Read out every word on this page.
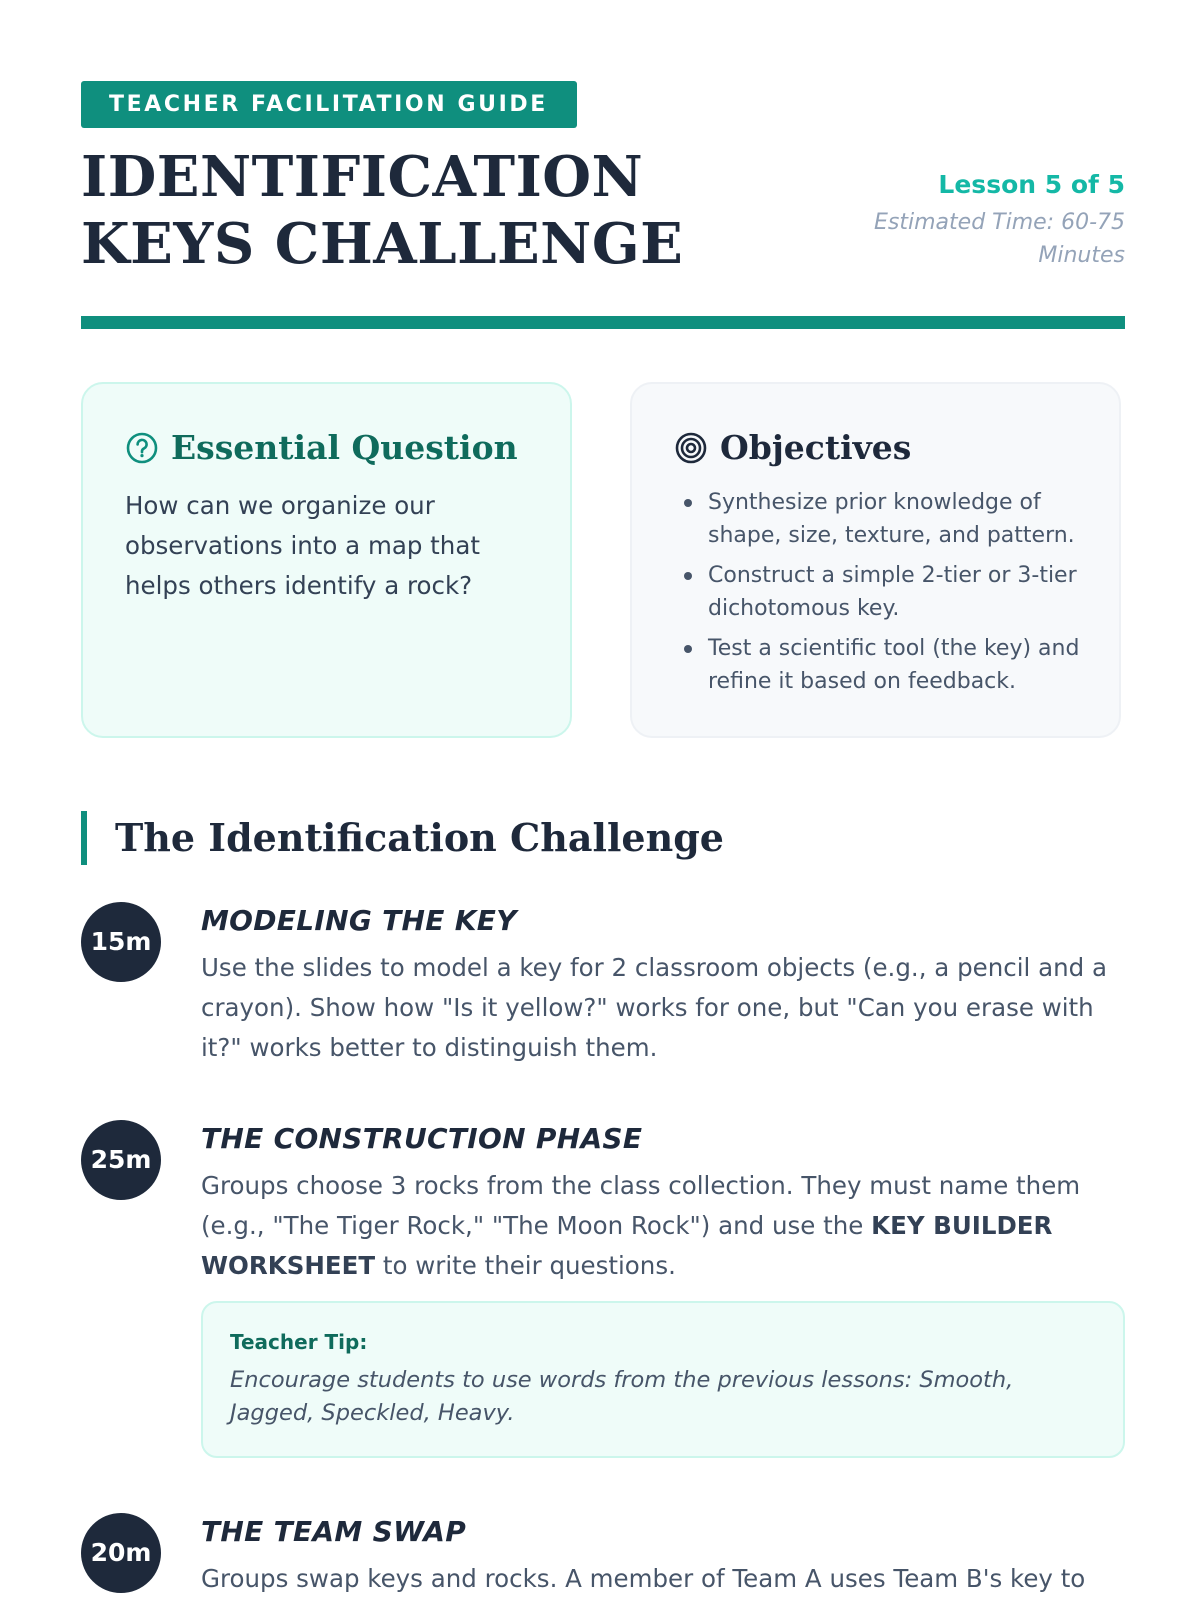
TEACHER FACILITATION GUIDE
IDENTIFICATION KEYS CHALLENGE
Lesson 5 of 5
Estimated Time: 60-75 Minutes
Essential Question
How can we organize our observations into a map that helps others identify a rock?
Objectives
Synthesize prior knowledge of shape, size, texture, and pattern.
Construct a simple 2-tier or 3-tier dichotomous key.
Test a scientific tool (the key) and refine it based on feedback.
The Identification Challenge
15m
MODELING THE KEY

Use the slides to model a key for 2 classroom objects (e.g., a pencil and a crayon). Show how "Is it yellow?" works for one, but "Can you erase with it?" works better to distinguish them.

25m
THE CONSTRUCTION PHASE

Groups choose 3 rocks from the class collection. They must name them (e.g., "The Tiger Rock," "The Moon Rock") and use the KEY BUILDER WORKSHEET to write their questions.

Teacher Tip:
Encourage students to use words from the previous lessons: Smooth, Jagged, Speckled, Heavy.
20m
THE TEAM SWAP

Groups swap keys and rocks. A member of Team A uses Team B's key to
